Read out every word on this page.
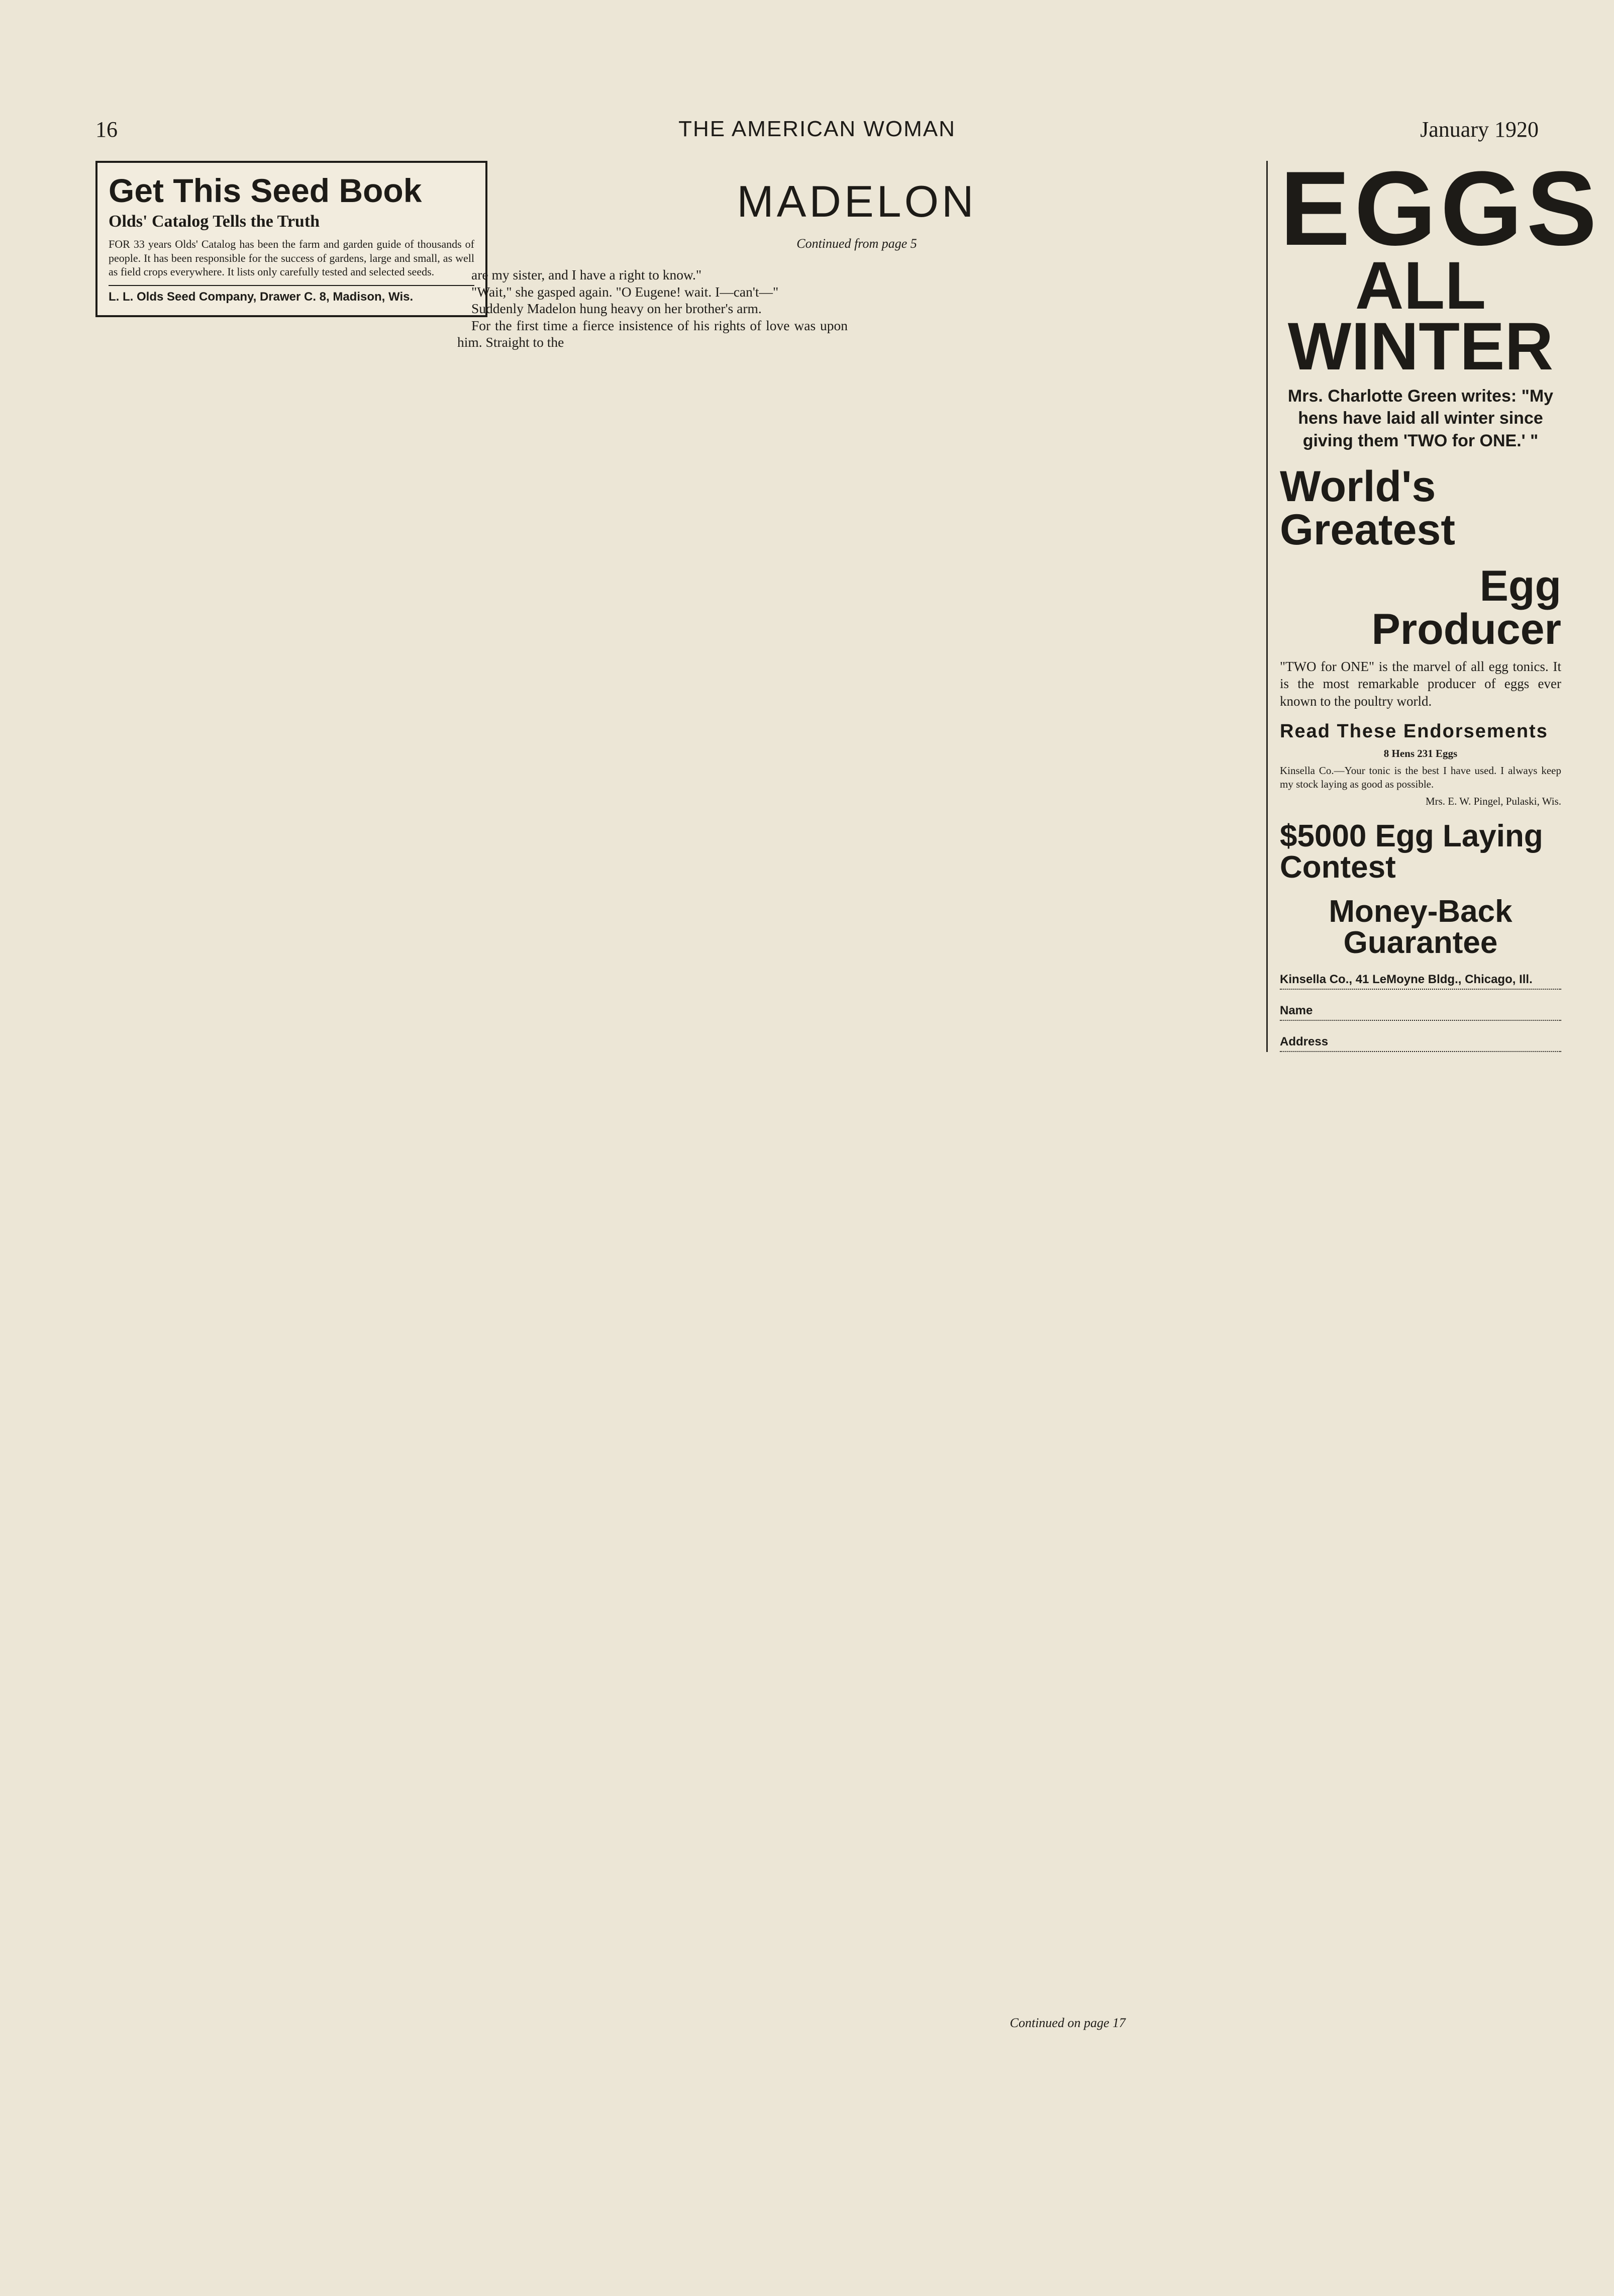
16	THE AMERICAN WOMAN	January 1920
Get This Seed Book
Olds' Catalog Tells the Truth
FOR 33 years Olds' Catalog has been the farm and garden guide of thousands of people. It has been responsible for the success of gardens, large and small, as well as field crops everywhere. It lists only carefully tested and selected seeds.
L. L. Olds Seed Company, Drawer C. 8, Madison, Wis.
MADELON
Continued from page 5

are my sister, and I have a right to know."

"Wait," she gasped again. "O Eugene! wait. I—can't—"

Suddenly Madelon hung heavy on her brother's arm.

For the first time a fierce insistence of his rights of love was upon him. Straight to the

Continued on page 17
EGGS
ALL WINTER
Mrs. Charlotte Green writes: "My hens have laid all winter since giving them 'TWO for ONE.' "
World's Greatest
Egg Producer
"TWO for ONE" is the marvel of all egg tonics. It is the most remarkable producer of eggs ever known to the poultry world.
Read These Endorsements
8 Hens 231 Eggs
Kinsella Co.—Your tonic is the best I have used. I always keep my stock laying as good as possible.
Mrs. E. W. Pingel, Pulaski, Wis.
$5000 Egg Laying Contest
Money-Back Guarantee
Kinsella Co., 41 LeMoyne Bldg., Chicago, Ill.
Name
Address
